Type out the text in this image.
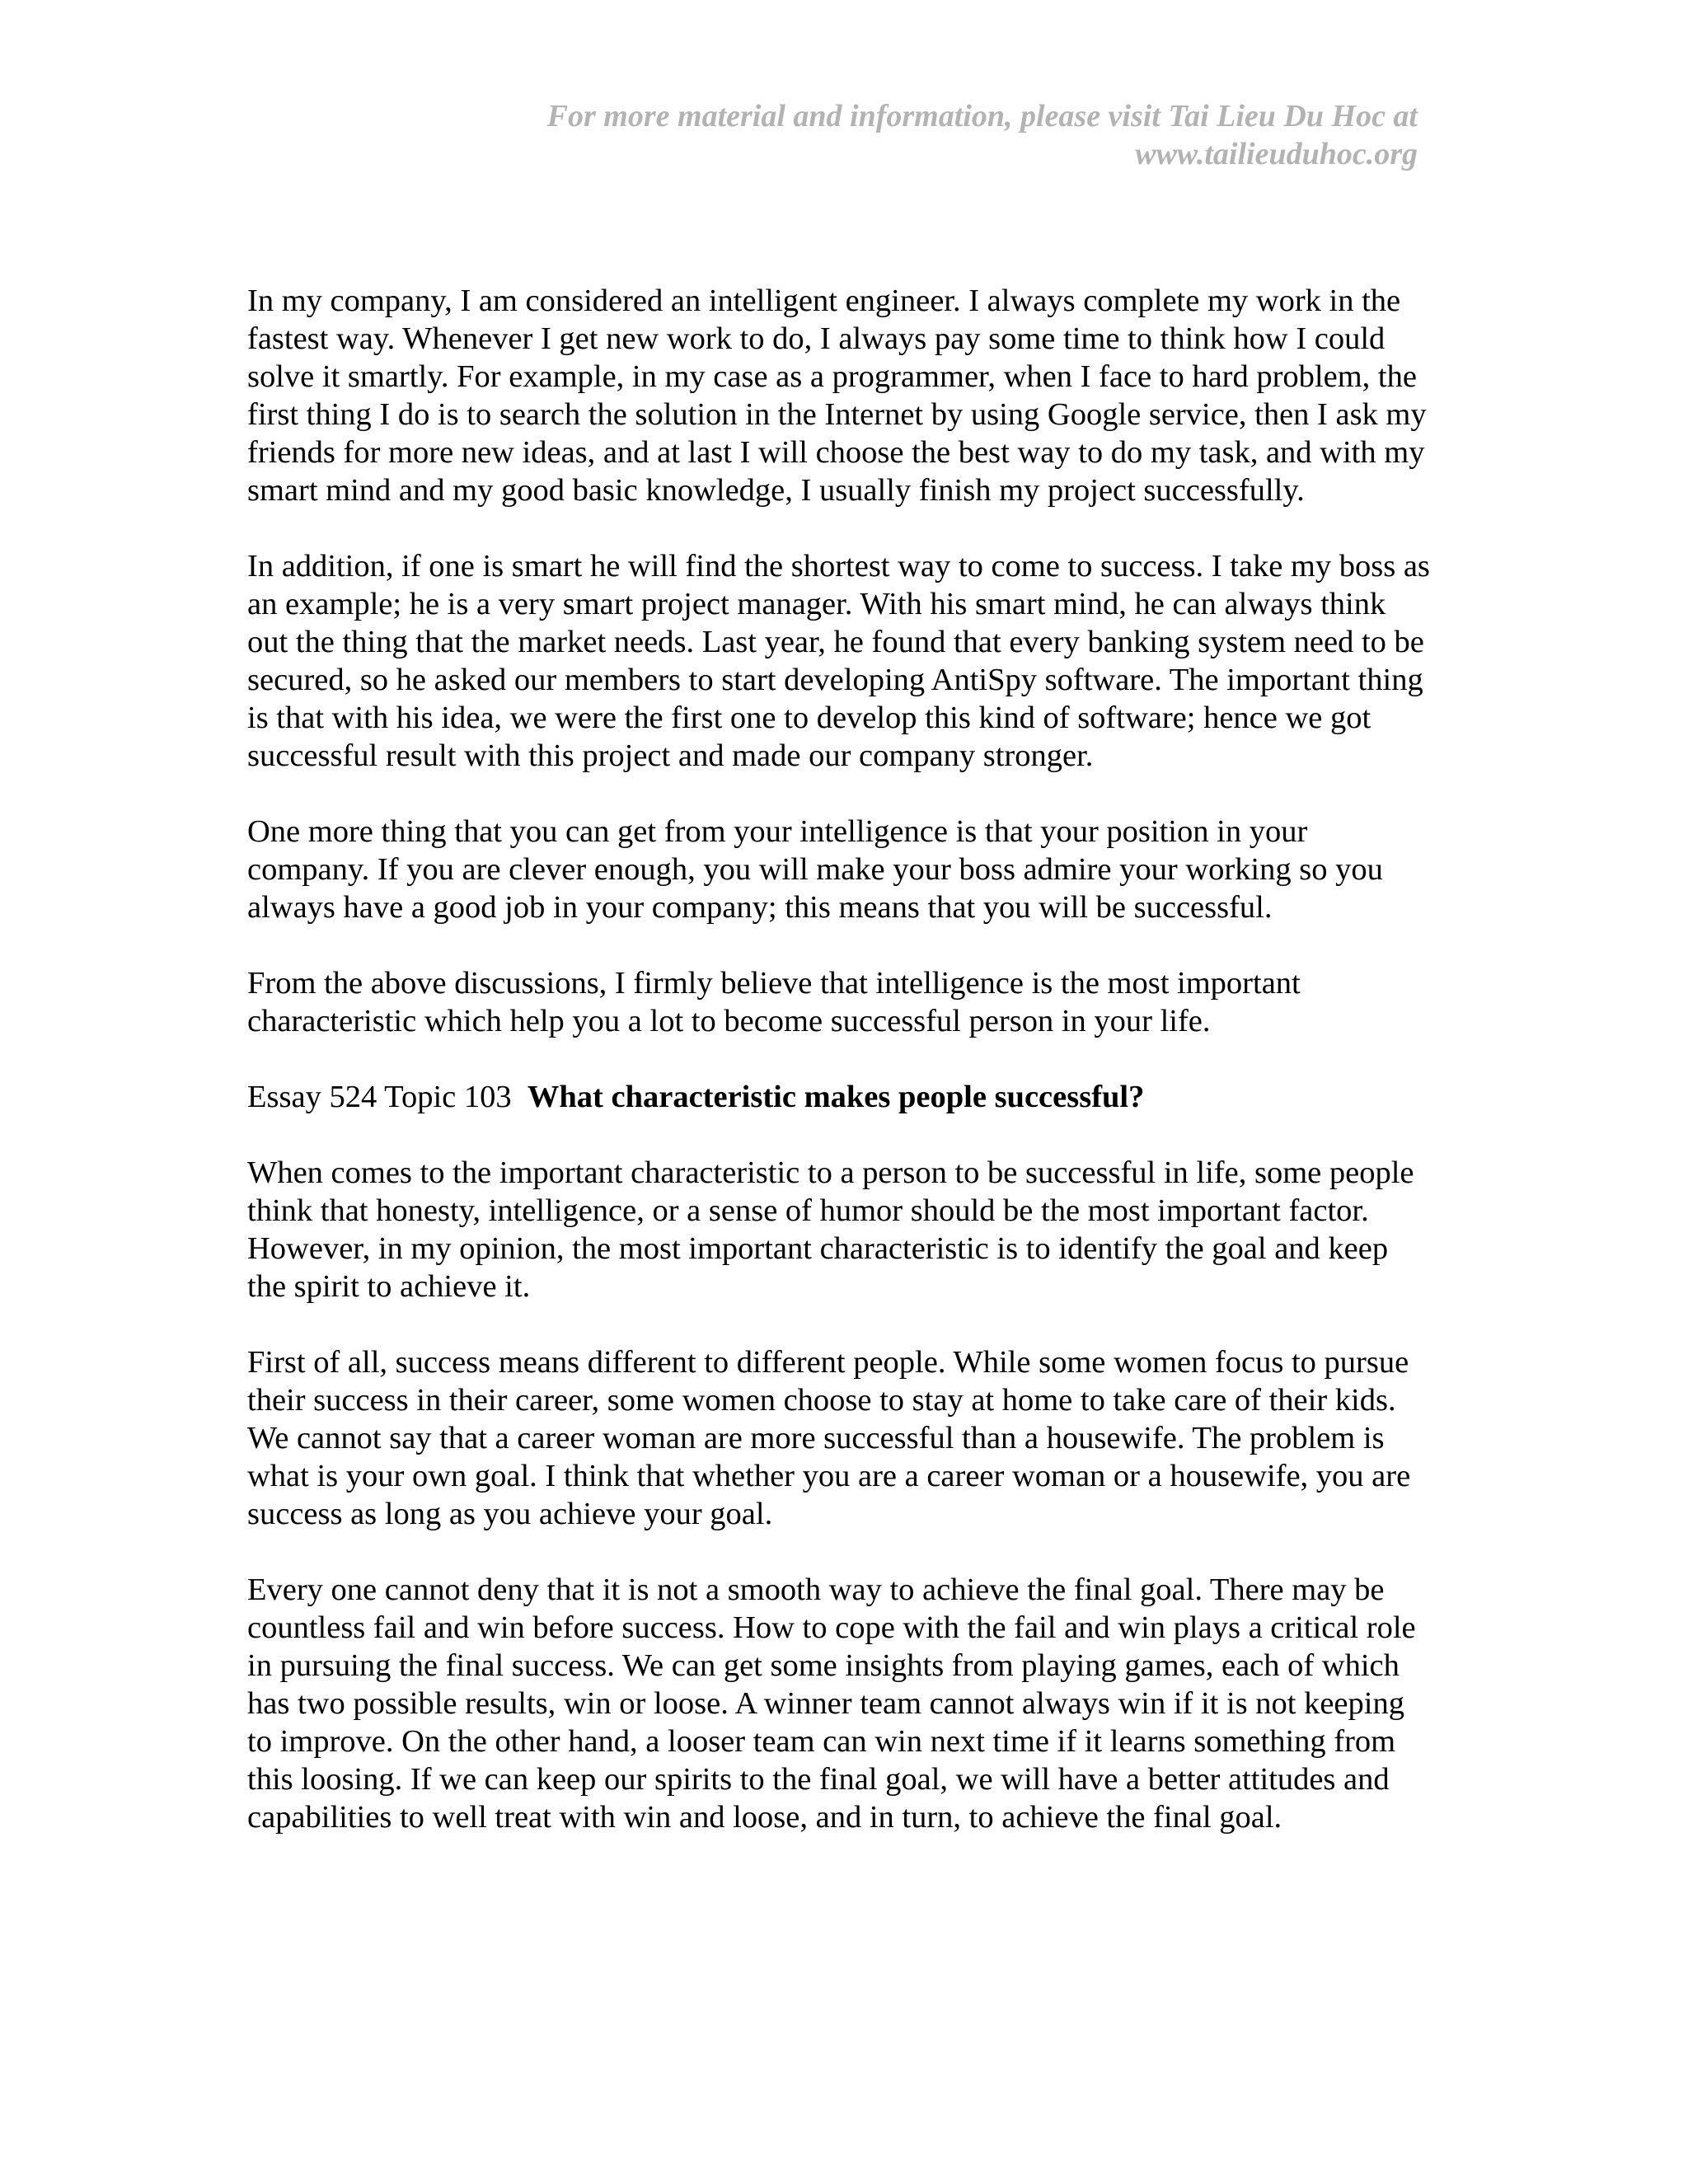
For more material and information, please visit Tai Lieu Du Hoc at
www.tailieuduhoc.org

In my company, I am considered an intelligent engineer. I always complete my work in the fastest way. Whenever I get new work to do, I always pay some time to think how I could solve it smartly. For example, in my case as a programmer, when I face to hard problem, the first thing I do is to search the solution in the Internet by using Google service, then I ask my friends for more new ideas, and at last I will choose the best way to do my task, and with my smart mind and my good basic knowledge, I usually finish my project successfully.

In addition, if one is smart he will find the shortest way to come to success. I take my boss as an example; he is a very smart project manager. With his smart mind, he can always think out the thing that the market needs. Last year, he found that every banking system need to be secured, so he asked our members to start developing AntiSpy software. The important thing is that with his idea, we were the first one to develop this kind of software; hence we got successful result with this project and made our company stronger.

One more thing that you can get from your intelligence is that your position in your company. If you are clever enough, you will make your boss admire your working so you always have a good job in your company; this means that you will be successful.

From the above discussions, I firmly believe that intelligence is the most important characteristic which help you a lot to become successful person in your life.

Essay 524 Topic 103 What characteristic makes people successful?

When comes to the important characteristic to a person to be successful in life, some people think that honesty, intelligence, or a sense of humor should be the most important factor. However, in my opinion, the most important characteristic is to identify the goal and keep the spirit to achieve it.

First of all, success means different to different people. While some women focus to pursue their success in their career, some women choose to stay at home to take care of their kids. We cannot say that a career woman are more successful than a housewife. The problem is what is your own goal. I think that whether you are a career woman or a housewife, you are success as long as you achieve your goal.

Every one cannot deny that it is not a smooth way to achieve the final goal. There may be countless fail and win before success. How to cope with the fail and win plays a critical role in pursuing the final success. We can get some insights from playing games, each of which has two possible results, win or loose. A winner team cannot always win if it is not keeping to improve. On the other hand, a looser team can win next time if it learns something from this loosing. If we can keep our spirits to the final goal, we will have a better attitudes and capabilities to well treat with win and loose, and in turn, to achieve the final goal.
